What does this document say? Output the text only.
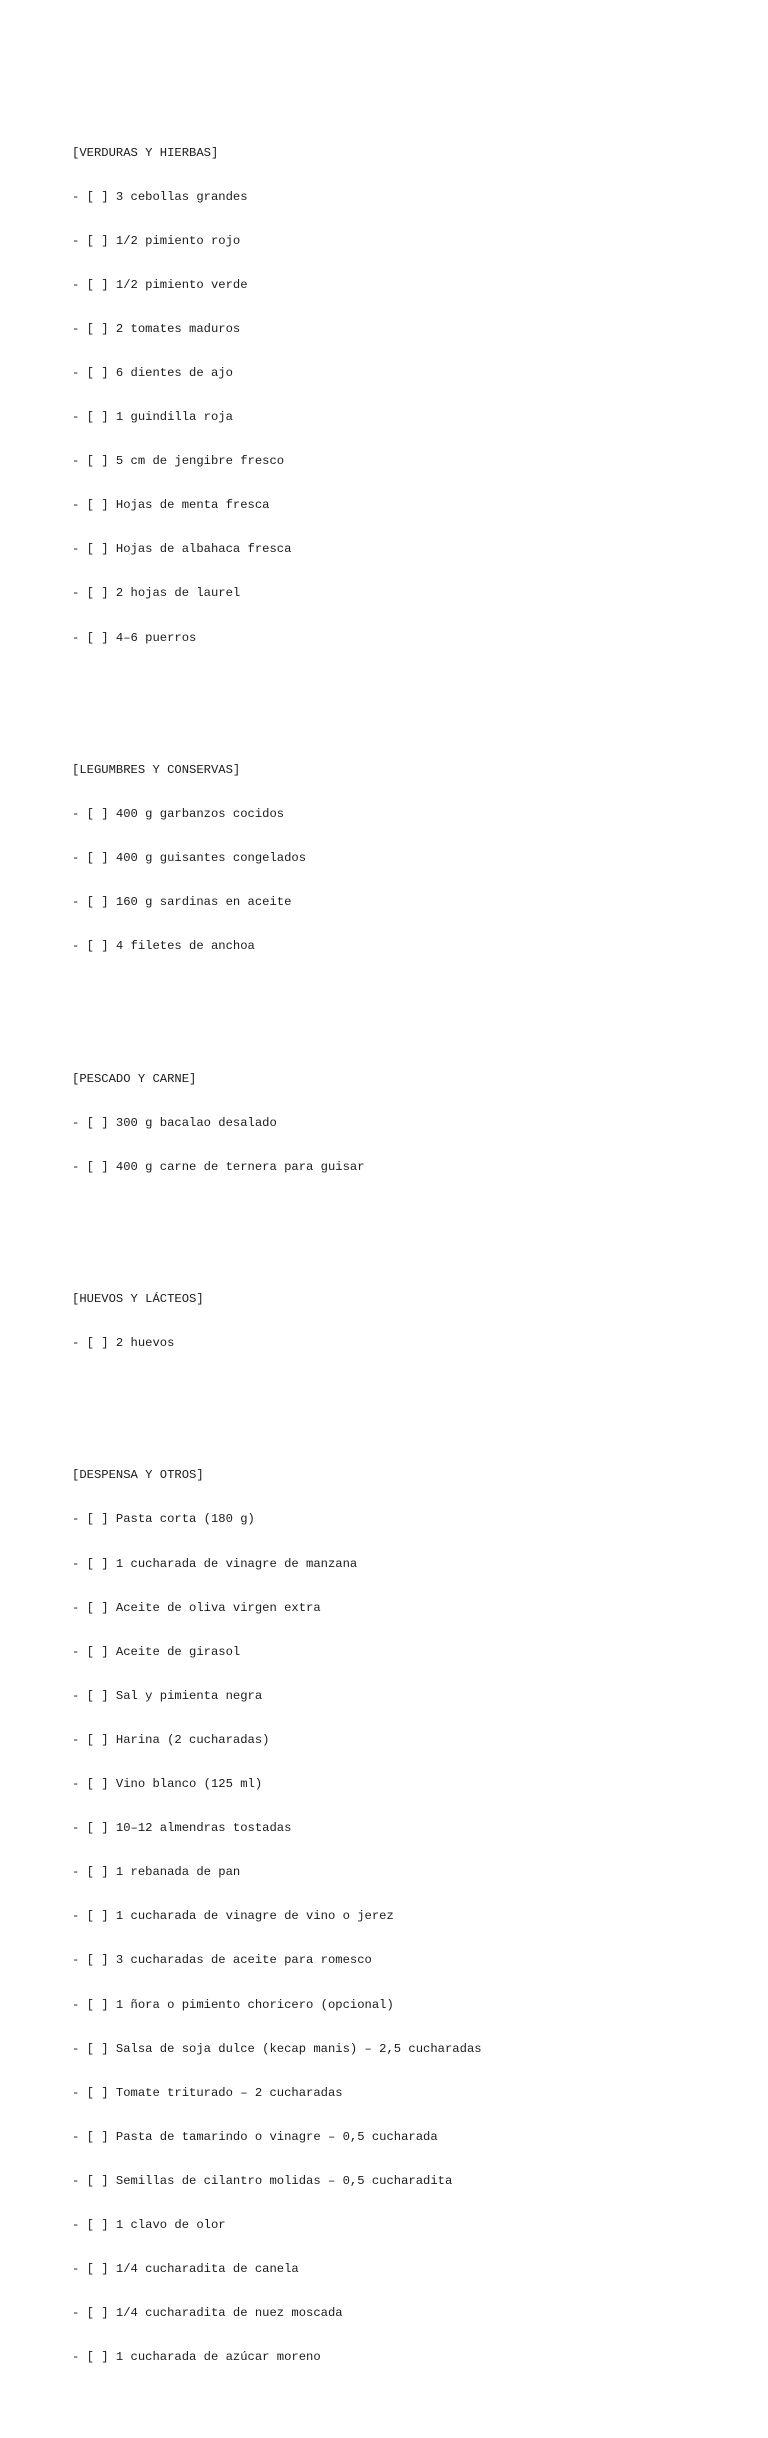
[VERDURAS Y HIERBAS]

- [ ] 3 cebollas grandes

- [ ] 1/2 pimiento rojo

- [ ] 1/2 pimiento verde

- [ ] 2 tomates maduros

- [ ] 6 dientes de ajo

- [ ] 1 guindilla roja

- [ ] 5 cm de jengibre fresco

- [ ] Hojas de menta fresca

- [ ] Hojas de albahaca fresca

- [ ] 2 hojas de laurel

- [ ] 4–6 puerros

[LEGUMBRES Y CONSERVAS]

- [ ] 400 g garbanzos cocidos

- [ ] 400 g guisantes congelados

- [ ] 160 g sardinas en aceite

- [ ] 4 filetes de anchoa

[PESCADO Y CARNE]

- [ ] 300 g bacalao desalado

- [ ] 400 g carne de ternera para guisar

[HUEVOS Y LÁCTEOS]

- [ ] 2 huevos

[DESPENSA Y OTROS]

- [ ] Pasta corta (180 g)

- [ ] 1 cucharada de vinagre de manzana

- [ ] Aceite de oliva virgen extra

- [ ] Aceite de girasol

- [ ] Sal y pimienta negra

- [ ] Harina (2 cucharadas)

- [ ] Vino blanco (125 ml)

- [ ] 10–12 almendras tostadas

- [ ] 1 rebanada de pan

- [ ] 1 cucharada de vinagre de vino o jerez

- [ ] 3 cucharadas de aceite para romesco

- [ ] 1 ñora o pimiento choricero (opcional)

- [ ] Salsa de soja dulce (kecap manis) – 2,5 cucharadas

- [ ] Tomate triturado – 2 cucharadas

- [ ] Pasta de tamarindo o vinagre – 0,5 cucharada

- [ ] Semillas de cilantro molidas – 0,5 cucharadita

- [ ] 1 clavo de olor

- [ ] 1/4 cucharadita de canela

- [ ] 1/4 cucharadita de nuez moscada

- [ ] 1 cucharada de azúcar moreno
